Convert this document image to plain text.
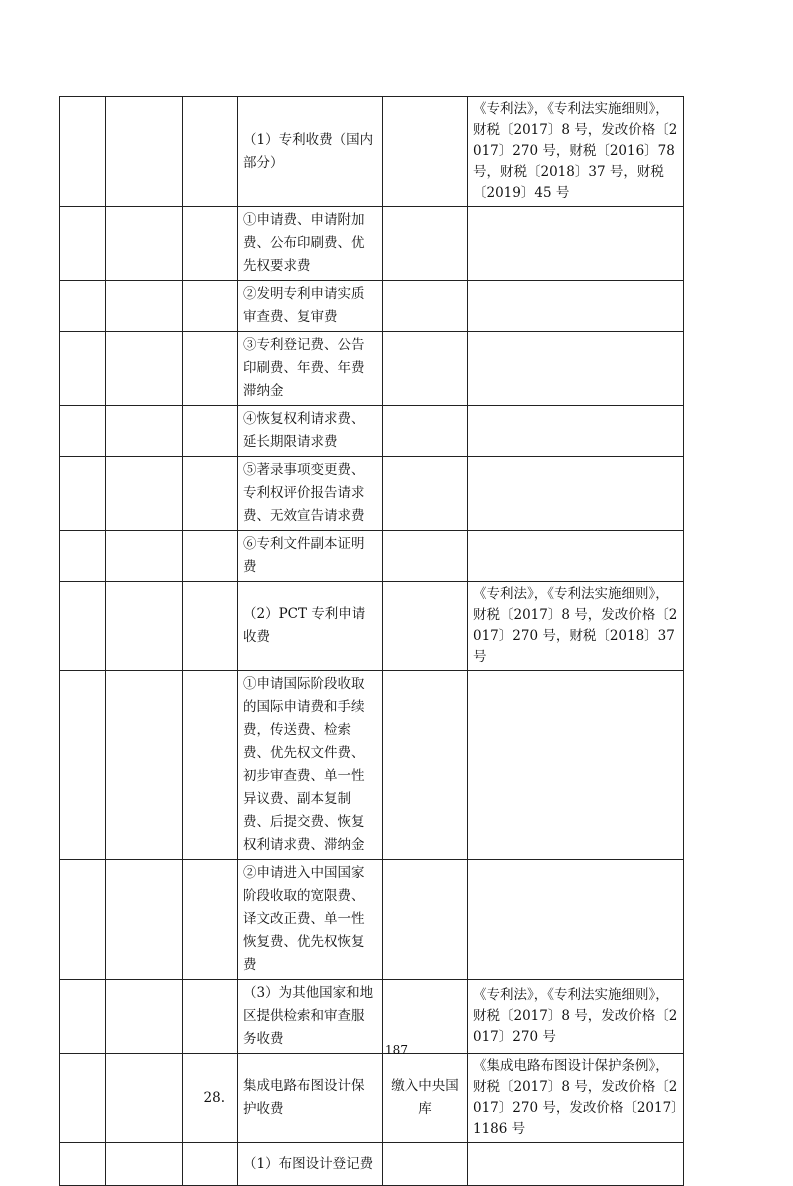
			（1）专利收费（国内部分）		《专利法》，《专利法实施细则》，财税〔2017〕8 号，发改价格〔2017〕270 号，财税〔2016〕78 号，财税〔2018〕37 号，财税〔2019〕45 号
			①申请费、申请附加费、公布印刷费、优先权要求费		
			②发明专利申请实质审查费、复审费		
			③专利登记费、公告印刷费、年费、年费滞纳金		
			④恢复权利请求费、延长期限请求费		
			⑤著录事项变更费、专利权评价报告请求费、无效宣告请求费		
			⑥专利文件副本证明费		
			（2）PCT 专利申请收费		《专利法》，《专利法实施细则》，财税〔2017〕8 号，发改价格〔2017〕270 号，财税〔2018〕37 号
			①申请国际阶段收取的国际申请费和手续费，传送费、检索费、优先权文件费、初步审查费、单一性异议费、副本复制费、后提交费、恢复权利请求费、滞纳金		
			②申请进入中国国家阶段收取的宽限费、译文改正费、单一性恢复费、优先权恢复费		
			（3）为其他国家和地区提供检索和审查服务收费		《专利法》，《专利法实施细则》，财税〔2017〕8 号，发改价格〔2017〕270 号
		28.	集成电路布图设计保护收费	缴入中央国库	《集成电路布图设计保护条例》，财税〔2017〕8 号，发改价格〔2017〕270 号，发改价格〔2017〕1186 号
			（1）布图设计登记费		
187
